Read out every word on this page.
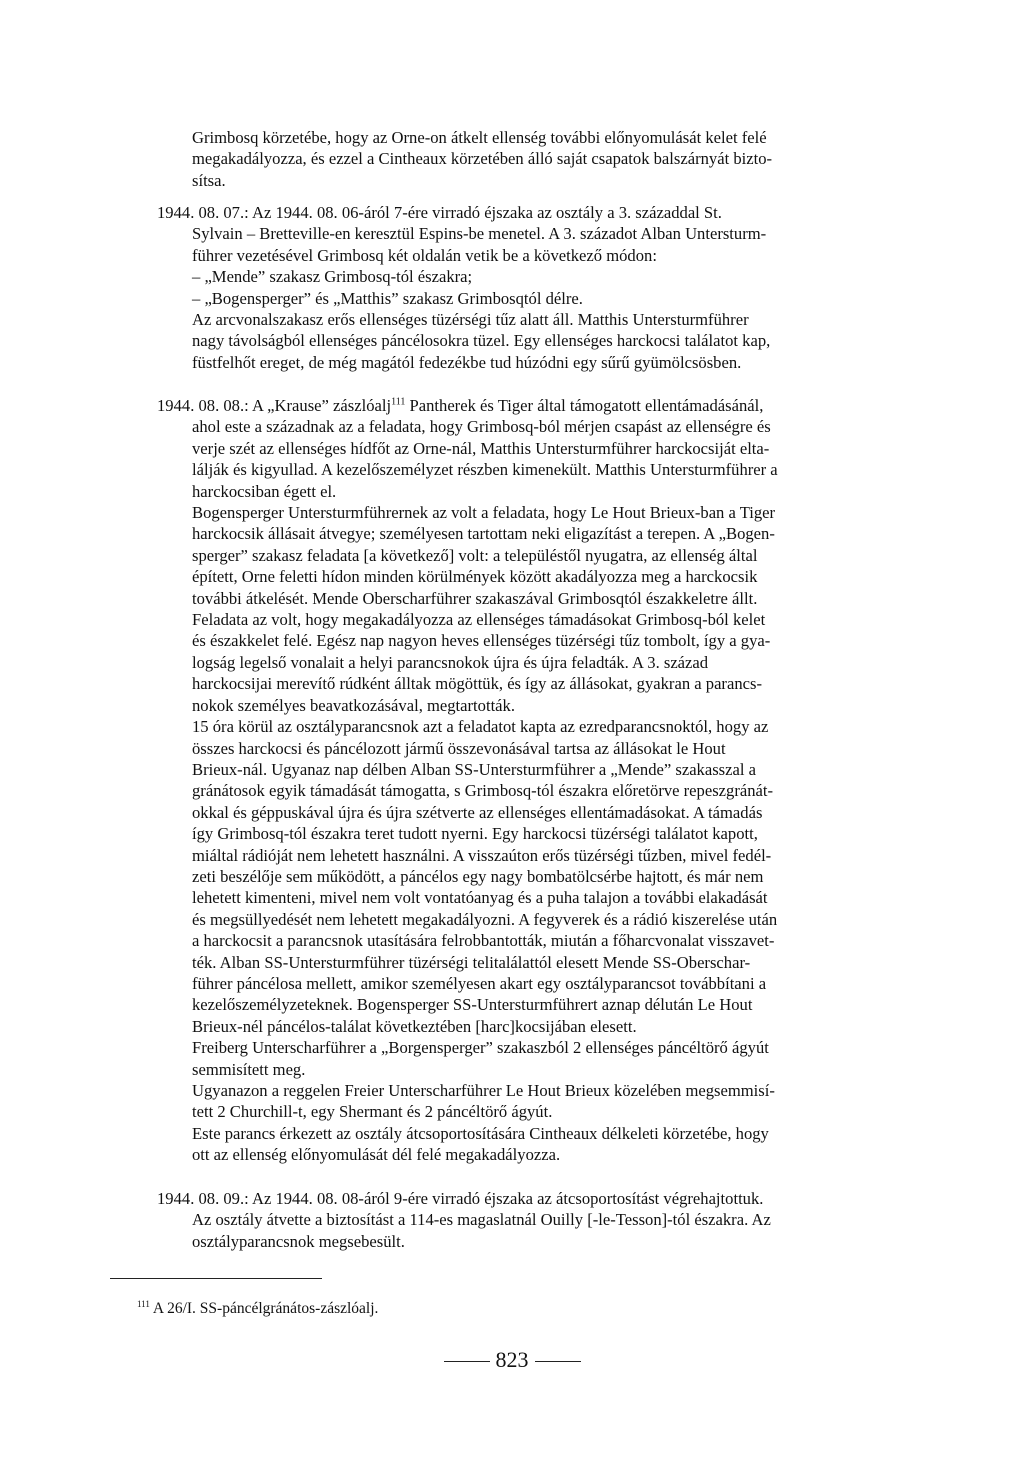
Grimbosq körzetébe, hogy az Orne-on átkelt ellenség további előnyomulását kelet felé
megakadályozza, és ezzel a Cintheaux körzetében álló saját csapatok balszárnyát bizto-
sítsa.
1944. 08. 07.: Az 1944. 08. 06-áról 7-ére virradó éjszaka az osztály a 3. századdal St.
Sylvain – Bretteville-en keresztül Espins-be menetel. A 3. századot Alban Untersturm-
führer vezetésével Grimbosq két oldalán vetik be a következő módon:
– „Mende” szakasz Grimbosq-tól északra;
– „Bogensperger” és „Matthis” szakasz Grimbosqtól délre.
Az arcvonalszakasz erős ellenséges tüzérségi tűz alatt áll. Matthis Untersturmführer
nagy távolságból ellenséges páncélosokra tüzel. Egy ellenséges harckocsi találatot kap,
füstfelhőt ereget, de még magától fedezékbe tud húzódni egy sűrű gyümölcsösben.
1944. 08. 08.: A „Krause” zászlóalj$^{111}$ Pantherek és Tiger által támogatott ellentámadásánál,
ahol este a századnak az a feladata, hogy Grimbosq-ból mérjen csapást az ellenségre és
verje szét az ellenséges hídfőt az Orne-nál, Matthis Untersturmführer harckocsiját elta-
lálják és kigyullad. A kezelőszemélyzet részben kimenekült. Matthis Untersturmführer a
harckocsiban égett el.
Bogensperger Untersturmführernek az volt a feladata, hogy Le Hout Brieux-ban a Tiger
harckocsik állásait átvegye; személyesen tartottam neki eligazítást a terepen. A „Bogen-
sperger” szakasz feladata [a következő] volt: a településtől nyugatra, az ellenség által
épített, Orne feletti hídon minden körülmények között akadályozza meg a harckocsik
további átkelését. Mende Oberscharführer szakaszával Grimbosqtól északkeletre állt.
Feladata az volt, hogy megakadályozza az ellenséges támadásokat Grimbosq-ból kelet
és északkelet felé. Egész nap nagyon heves ellenséges tüzérségi tűz tombolt, így a gya-
logság legelső vonalait a helyi parancsnokok újra és újra feladták. A 3. század
harckocsijai merevítő rúdként álltak mögöttük, és így az állásokat, gyakran a parancs-
nokok személyes beavatkozásával, megtartották.
15 óra körül az osztályparancsnok azt a feladatot kapta az ezredparancsnoktól, hogy az
összes harckocsi és páncélozott jármű összevonásával tartsa az állásokat le Hout
Brieux-nál. Ugyanaz nap délben Alban SS-Untersturmführer a „Mende” szakasszal a
gránátosok egyik támadását támogatta, s Grimbosq-tól északra előretörve repeszgránát-
okkal és géppuskával újra és újra szétverte az ellenséges ellentámadásokat. A támadás
így Grimbosq-tól északra teret tudott nyerni. Egy harckocsi tüzérségi találatot kapott,
miáltal rádióját nem lehetett használni. A visszaúton erős tüzérségi tűzben, mivel fedél-
zeti beszélője sem működött, a páncélos egy nagy bombatölcsérbe hajtott, és már nem
lehetett kimenteni, mivel nem volt vontatóanyag és a puha talajon a további elakadását
és megsüllyedését nem lehetett megakadályozni. A fegyverek és a rádió kiszerelése után
a harckocsit a parancsnok utasítására felrobbantották, miután a főharcvonalat visszavet-
ték. Alban SS-Untersturmführer tüzérségi telitalálattól elesett Mende SS-Oberschar-
führer páncélosa mellett, amikor személyesen akart egy osztályparancsot továbbítani a
kezelőszemélyzeteknek. Bogensperger SS-Untersturmführert aznap délután Le Hout
Brieux-nél páncélos-találat következtében [harc]kocsijában elesett.
Freiberg Unterscharführer a „Borgensperger” szakaszból 2 ellenséges páncéltörő ágyút
semmisített meg.
Ugyanazon a reggelen Freier Unterscharführer Le Hout Brieux közelében megsemmisí-
tett 2 Churchill-t, egy Shermant és 2 páncéltörő ágyút.
Este parancs érkezett az osztály átcsoportosítására Cintheaux délkeleti körzetébe, hogy
ott az ellenség előnyomulását dél felé megakadályozza.
1944. 08. 09.: Az 1944. 08. 08-áról 9-ére virradó éjszaka az átcsoportosítást végrehajtottuk.
Az osztály átvette a biztosítást a 114-es magaslatnál Ouilly [-le-Tesson]-tól északra. Az
osztályparancsnok megsebesült.
$^{111}$ A 26/I. SS-páncélgránátos-zászlóalj.
823
